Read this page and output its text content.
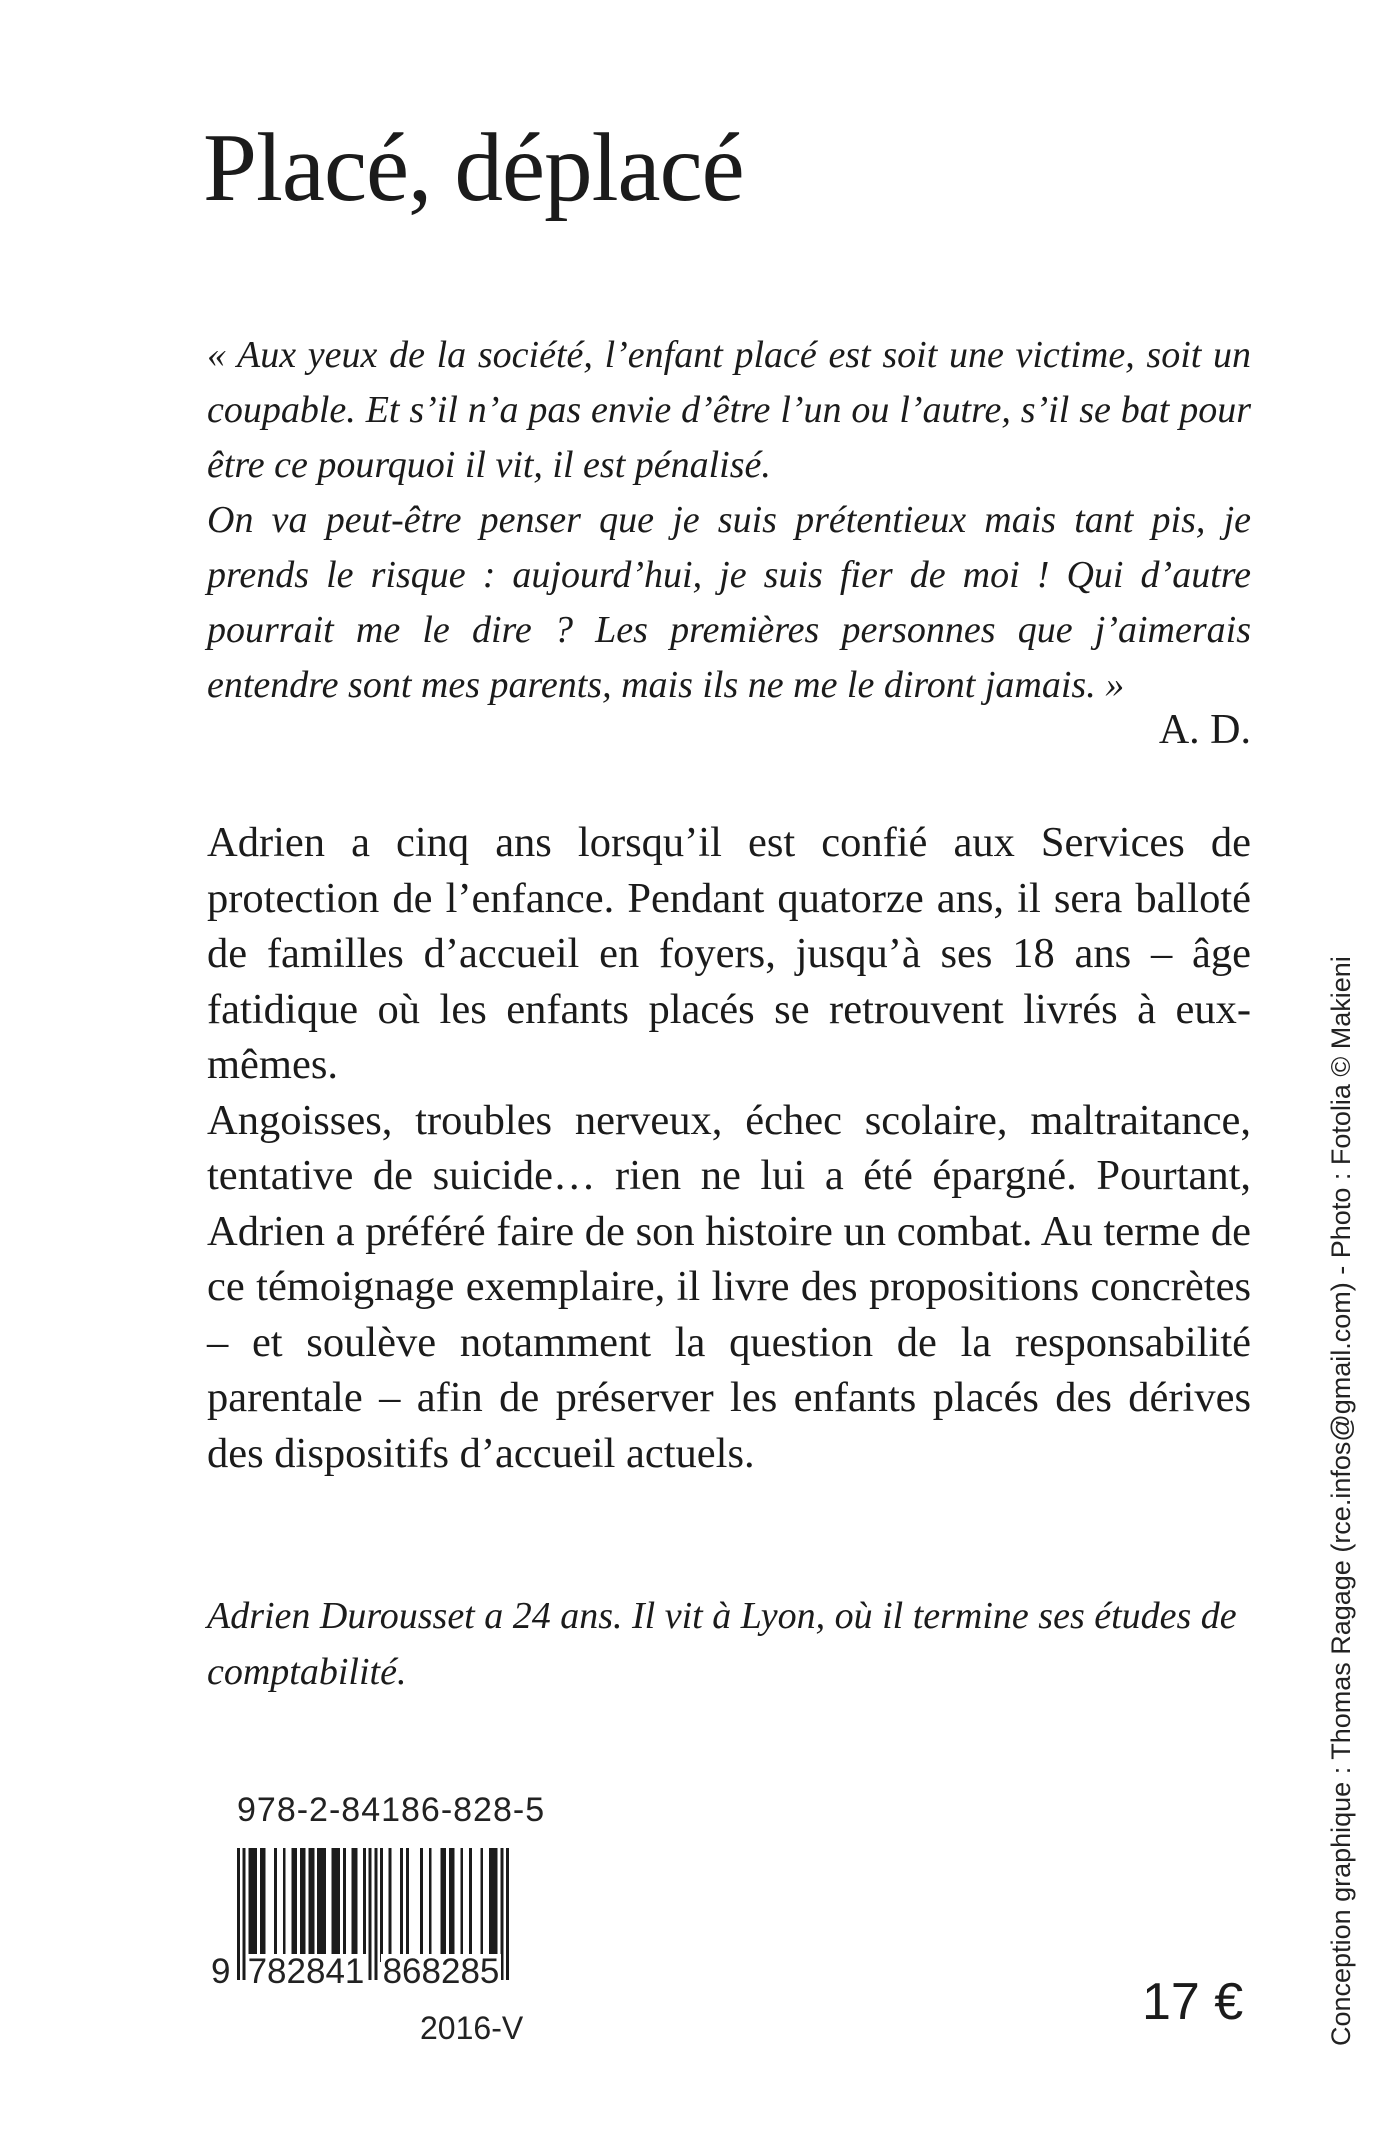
Placé, déplacé

« Aux yeux de la société, l’enfant placé est soit une victime, soit un coupable. Et s’il n’a pas envie d’être l’un ou l’autre, s’il se bat pour être ce pourquoi il vit, il est pénalisé.

On va peut-être penser que je suis prétentieux mais tant pis, je prends le risque : aujourd’hui, je suis fier de moi ! Qui d’autre pourrait me le dire ? Les premières personnes que j’aimerais entendre sont mes parents, mais ils ne me le diront jamais. »

A. D.

Adrien a cinq ans lorsqu’il est confié aux Services de protection de l’enfance. Pendant quatorze ans, il sera balloté de familles d’accueil en foyers, jusqu’à ses 18 ans – âge fatidique où les enfants placés se retrouvent livrés à eux-mêmes.

Angoisses, troubles nerveux, échec scolaire, maltraitance, tentative de suicide… rien ne lui a été épargné. Pourtant, Adrien a préféré faire de son histoire un combat. Au terme de ce témoignage exemplaire, il livre des propositions concrètes – et soulève notamment la question de la responsabilité parentale – afin de préserver les enfants placés des dérives des dispositifs d’accueil actuels.

Adrien Durousset a 24 ans. Il vit à Lyon, où il termine ses études de comptabilité.
978-2-84186-828-5
9 782841 868285
2016-V	17 €	Conception graphique : Thomas Ragage (rce.infos@gmail.com) - Photo : Fotolia © Makieni
